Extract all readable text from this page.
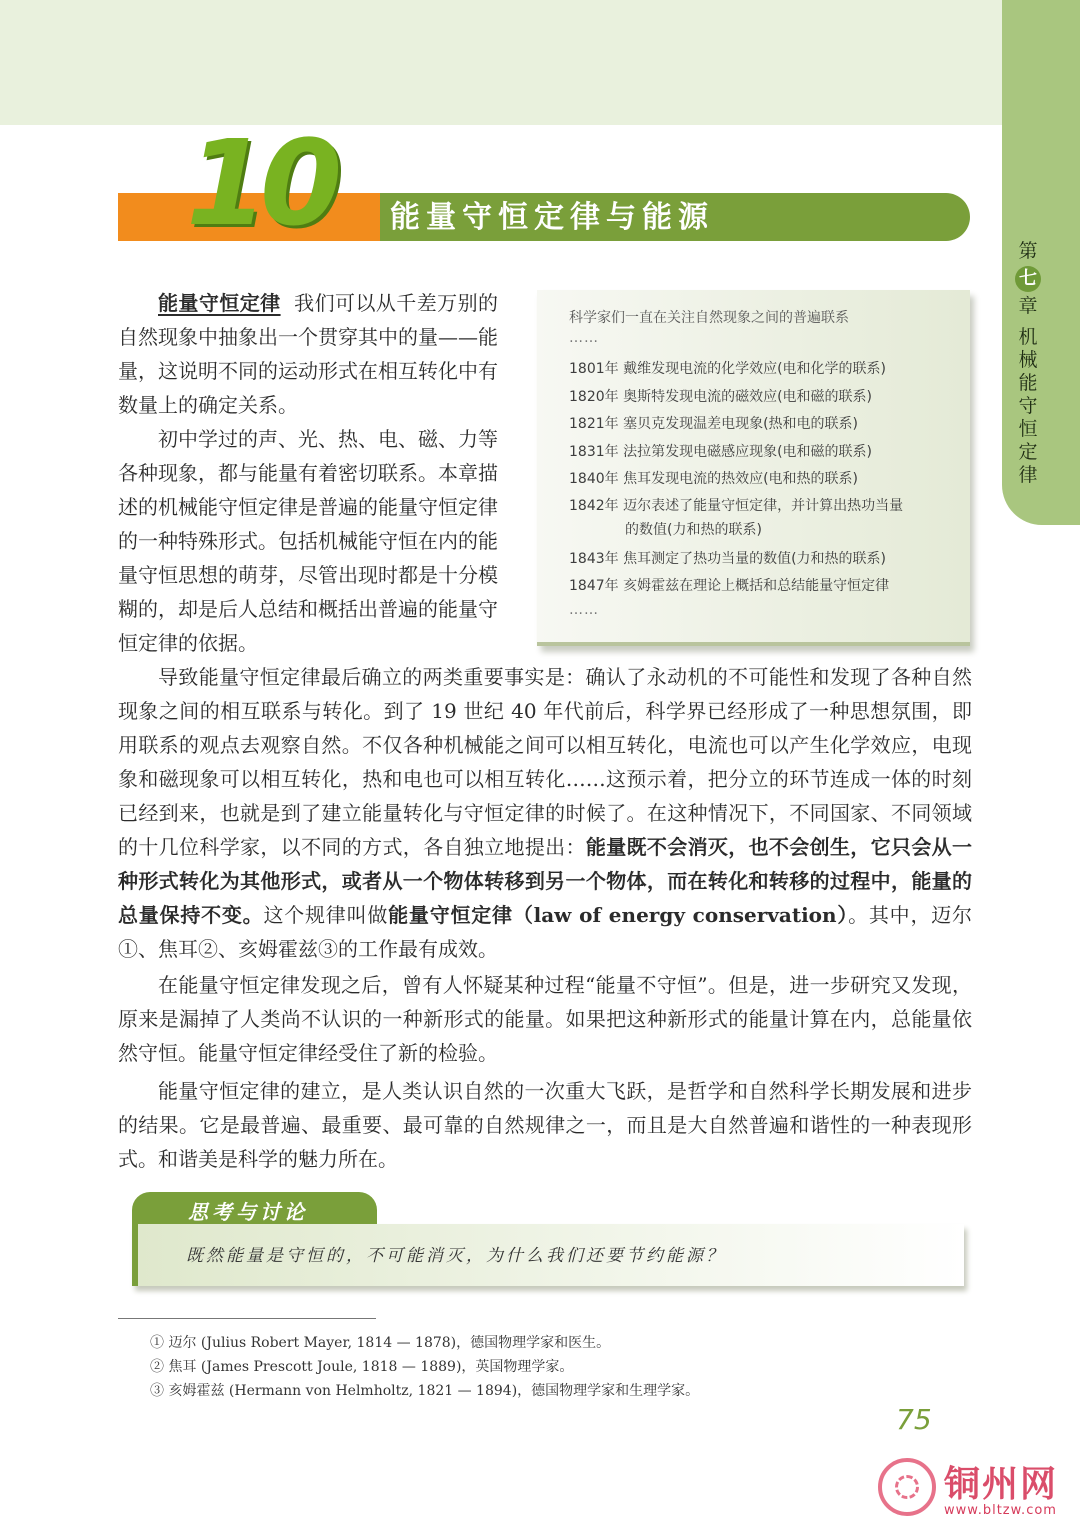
第
七
章
机
械
能
守
恒
定
律
10 能量守恒定律与能源

能量守恒定律 我们可以从千差万别的自然现象中抽象出一个贯穿其中的量——能量，这说明不同的运动形式在相互转化中有数量上的确定关系。
初中学过的声、光、热、电、磁、力等各种现象，都与能量有着密切联系。本章描述的机械能守恒定律是普遍的能量守恒定律的一种特殊形式。包括机械能守恒在内的能量守恒思想的萌芽，尽管出现时都是十分模糊的，却是后人总结和概括出普遍的能量守恒定律的依据。

科学家们一直在关注自然现象之间的普遍联系
……
1801年 戴维发现电流的化学效应(电和化学的联系)
1820年 奥斯特发现电流的磁效应(电和磁的联系)
1821年 塞贝克发现温差电现象(热和电的联系)
1831年 法拉第发现电磁感应现象(电和磁的联系)
1840年 焦耳发现电流的热效应(电和热的联系)
1842年 迈尔表述了能量守恒定律，并计算出热功当量
的数值(力和热的联系)
1843年 焦耳测定了热功当量的数值(力和热的联系)
1847年 亥姆霍兹在理论上概括和总结能量守恒定律
……

导致能量守恒定律最后确立的两类重要事实是：确认了永动机的不可能性和发现了各种自然现象之间的相互联系与转化。到了 19 世纪 40 年代前后，科学界已经形成了一种思想氛围，即用联系的观点去观察自然。不仅各种机械能之间可以相互转化，电流也可以产生化学效应，电现象和磁现象可以相互转化，热和电也可以相互转化……这预示着，把分立的环节连成一体的时刻已经到来，也就是到了建立能量转化与守恒定律的时候了。在这种情况下，不同国家、不同领域的十几位科学家，以不同的方式，各自独立地提出：能量既不会消灭，也不会创生，它只会从一种形式转化为其他形式，或者从一个物体转移到另一个物体，而在转化和转移的过程中，能量的总量保持不变。这个规律叫做能量守恒定律（law of energy conservation）。其中，迈尔①、焦耳②、亥姆霍兹③的工作最有成效。

在能量守恒定律发现之后，曾有人怀疑某种过程“能量不守恒”。但是，进一步研究又发现，原来是漏掉了人类尚不认识的一种新形式的能量。如果把这种新形式的能量计算在内，总能量依然守恒。能量守恒定律经受住了新的检验。

能量守恒定律的建立，是人类认识自然的一次重大飞跃，是哲学和自然科学长期发展和进步的结果。它是最普遍、最重要、最可靠的自然规律之一，而且是大自然普遍和谐性的一种表现形式。和谐美是科学的魅力所在。

思考与讨论
既然能量是守恒的，不可能消灭，为什么我们还要节约能源？
① 迈尔 (Julius Robert Mayer, 1814 — 1878)，德国物理学家和医生。
② 焦耳 (James Prescott Joule, 1818 — 1889)，英国物理学家。
③ 亥姆霍兹 (Hermann von Helmholtz, 1821 — 1894)，德国物理学家和生理学家。
75
铜州网
www.bltzw.com
